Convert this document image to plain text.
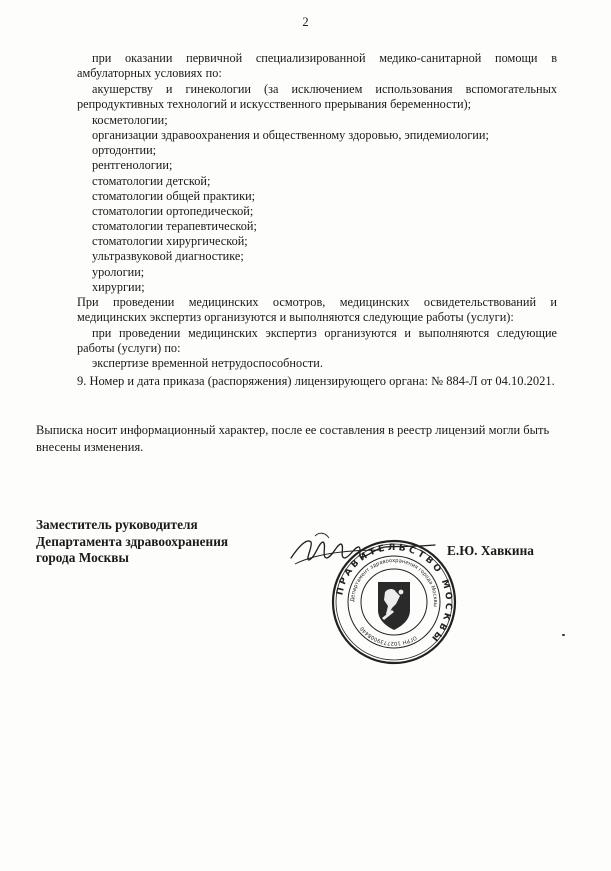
2
при оказании первичной специализированной медико-санитарной помощи в
амбулаторных условиях по:
акушерству и гинекологии (за исключением использования вспомогательных
репродуктивных технологий и искусственного прерывания беременности);
косметологии;
организации здравоохранения и общественному здоровью, эпидемиологии;
ортодонтии;
рентгенологии;
стоматологии детской;
стоматологии общей практики;
стоматологии ортопедической;
стоматологии терапевтической;
стоматологии хирургической;
ультразвуковой диагностике;
урологии;
хирургии;
При проведении медицинских осмотров, медицинских освидетельствований и
медицинских экспертиз организуются и выполняются следующие работы (услуги):
при проведении медицинских экспертиз организуются и выполняются следующие
работы (услуги) по:
экспертизе временной нетрудоспособности.
9. Номер и дата приказа (распоряжения) лицензирующего органа: № 884-Л от 04.10.2021.
Выписка носит информационный характер, после ее составления в реестр лицензий могли быть
внесены изменения.
Заместитель руководителя
Департамента здравоохранения
города Москвы
ПРАВИТЕЛЬСТВО МОСКВЫ
Департамент здравоохранения города Москвы
ОГРН 1027739008440
Е.Ю. Хавкина
